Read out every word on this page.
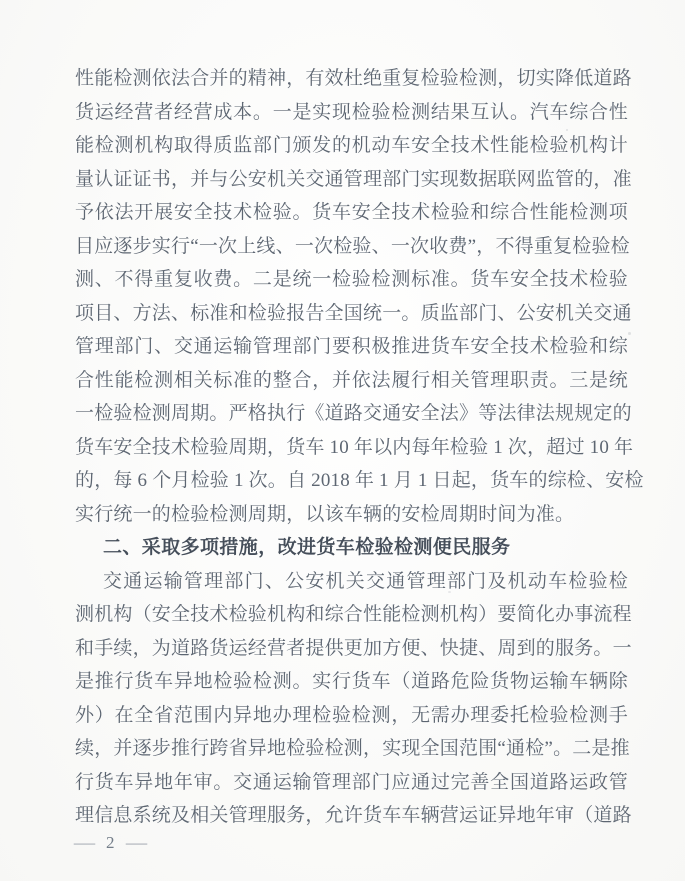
性能检测依法合并的精神，有效杜绝重复检验检测，切实降低道路
货运经营者经营成本。一是实现检验检测结果互认。汽车综合性
能检测机构取得质监部门颁发的机动车安全技术性能检验机构计
量认证证书，并与公安机关交通管理部门实现数据联网监管的，准
予依法开展安全技术检验。货车安全技术检验和综合性能检测项
目应逐步实行“一次上线、一次检验、一次收费”，不得重复检验检
测、不得重复收费。二是统一检验检测标准。货车安全技术检验
项目、方法、标准和检验报告全国统一。质监部门、公安机关交通
管理部门、交通运输管理部门要积极推进货车安全技术检验和综
合性能检测相关标准的整合，并依法履行相关管理职责。三是统
一检验检测周期。严格执行《道路交通安全法》等法律法规规定的
货车安全技术检验周期，货车 10 年以内每年检验 1 次，超过 10 年
的，每 6 个月检验 1 次。自 2018 年 1 月 1 日起，货车的综检、安检
实行统一的检验检测周期，以该车辆的安检周期时间为准。
二、采取多项措施，改进货车检验检测便民服务
交通运输管理部门、公安机关交通管理部门及机动车检验检
测机构（安全技术检验机构和综合性能检测机构）要简化办事流程
和手续，为道路货运经营者提供更加方便、快捷、周到的服务。一
是推行货车异地检验检测。实行货车（道路危险货物运输车辆除
外）在全省范围内异地办理检验检测，无需办理委托检验检测手
续，并逐步推行跨省异地检验检测，实现全国范围“通检”。二是推
行货车异地年审。交通运输管理部门应通过完善全国道路运政管
理信息系统及相关管理服务，允许货车车辆营运证异地年审（道路
— 2 —
